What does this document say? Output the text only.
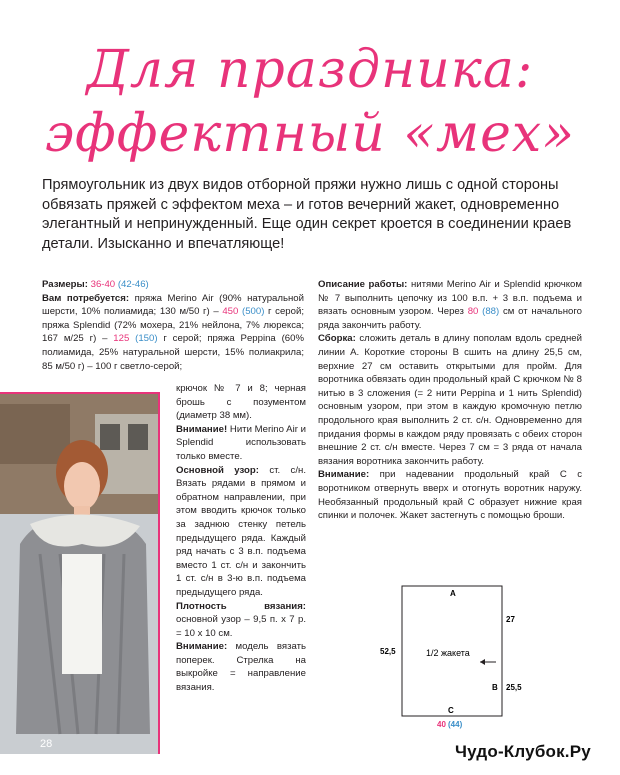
Для праздника:
эффектный «мех»
Прямоугольник из двух видов отборной пряжи нужно лишь с одной стороны обвязать пряжей с эффектом меха – и готов вечерний жакет, одновременно элегантный и непринужденный. Еще один секрет кроется в соединении краев детали. Изысканно и впечатляюще!

Размеры: 36-40 (42-46)

Вам потребуется: пряжа Merino Air (90% натуральной шерсти, 10% полиамида; 130 м/50 г) – 450 (500) г серой; пряжа Splendid (72% мохера, 21% нейлона, 7% люрекса; 167 м/25 г) – 125 (150) г серой; пряжа Peppina (60% полиамида, 25% натуральной шерсти, 15% полиакрила; 85 м/50 г) – 100 г светло-серой;

крючок № 7 и 8; черная брошь с позументом (диаметр 38 мм).

Внимание! Нити Merino Air и Splendid использовать только вместе.

Основной узор: ст. с/н. Вязать рядами в прямом и обратном направлении, при этом вводить крючок только за заднюю стенку петель предыдущего ряда. Каждый ряд начать с 3 в.п. подъема вместо 1 ст. с/н и закончить 1 ст. с/н в 3-ю в.п. подъема предыдущего ряда.

Плотность вязания: основной узор – 9,5 п. х 7 р. = 10 х 10 см.

Внимание: модель вязать поперек. Стрелка на выкройке = направление вязания.

Описание работы: нитями Merino Air и Splendid крючком № 7 выполнить цепочку из 100 в.п. + 3 в.п. подъема и вязать основным узором. Через 80 (88) см от начального ряда закончить работу.

Сборка: сложить деталь в длину пополам вдоль средней линии А. Короткие стороны B сшить на длину 25,5 см, верхние 27 см оставить открытыми для пройм. Для воротника обвязать один продольный край С крючком № 8 нитью в 3 сложения (= 2 нити Peppina и 1 нить Splendid) основным узором, при этом в каждую кромочную петлю продольного края выполнить 2 ст. с/н. Одновременно для придания формы в каждом ряду провязать с обеих сторон внешние 2 ст. с/н вместе. Через 7 см = 3 ряда от начала вязания воротника закончить работу.

Внимание: при надевании продольный край С с воротником отвернуть вверх и отогнуть воротник наружу. Необязанный продольный край С образует нижние края спинки и полочек. Жакет застегнуть с помощью броши.

28
A
27
52,5	1/2 жакета
B 25,5
C
40 (44)
Чудо-Клубок.Ру
